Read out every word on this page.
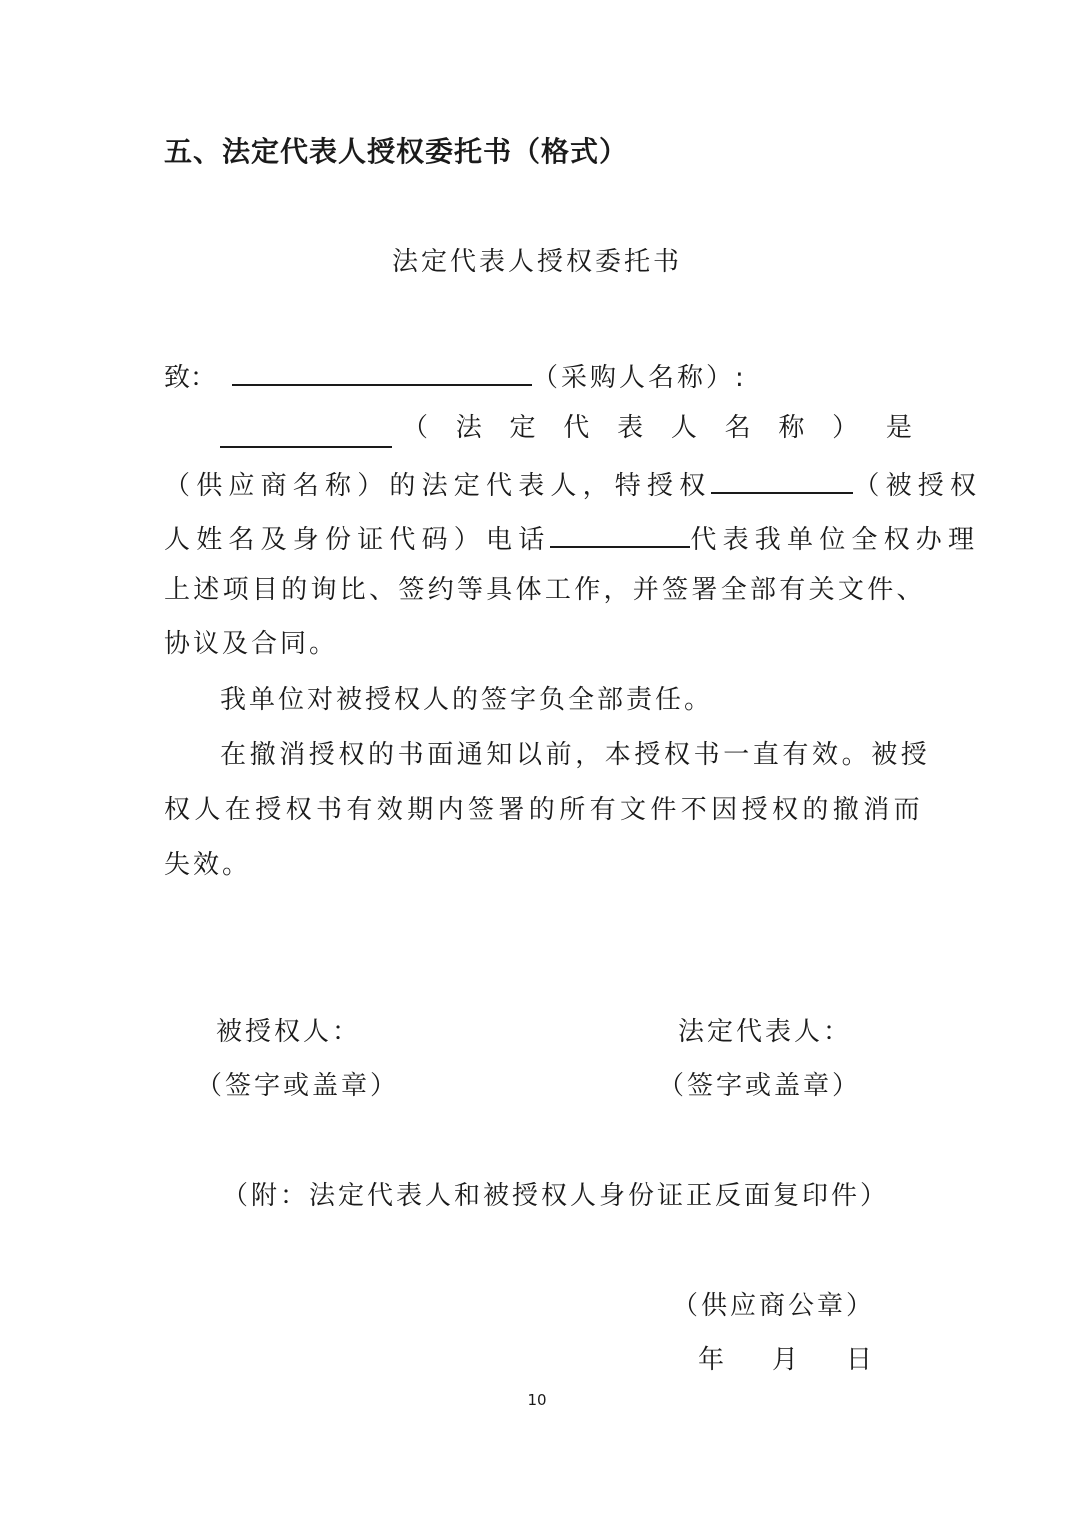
五、法定代表人授权委托书（格式）
法定代表人授权委托书
致：	（采购人名称）:
（ 法 定 代 表 人 名 称 ） 是
（供应商名称）的法定代表人，特授权	（被授权
人姓名及身份证代码）电话	代表我单位全权办理
上述项目的询比、签约等具体工作，并签署全部有关文件、
协议及合同。
我单位对被授权人的签字负全部责任。
在撤消授权的书面通知以前，本授权书一直有效。被授
权人在授权书有效期内签署的所有文件不因授权的撤消而
失效。
被授权人：
（签字或盖章）
法定代表人：
（签字或盖章）
（附：法定代表人和被授权人身份证正反面复印件）
（供应商公章）
年 月 日
10
